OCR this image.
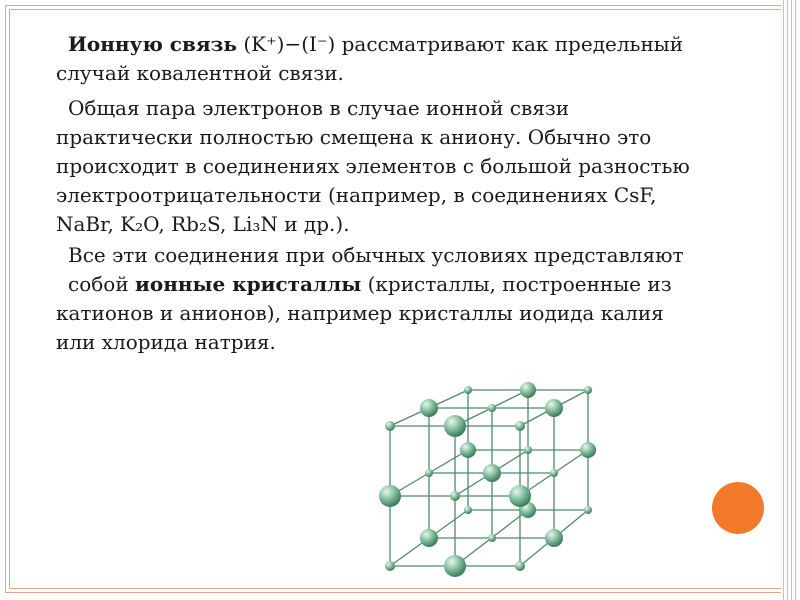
Ионную связь (K⁺)−(I⁻) рассматривают как предельный
случай ковалентной связи.

Общая пара электронов в случае ионной связи
практически полностью смещена к аниону. Обычно это
происходит в соединениях элементов с большой разностью
электроотрицательности (например, в соединениях CsF,
NaBr, K₂O, Rb₂S, Li₃N и др.).

Все эти соединения при обычных условиях представляют
собой ионные кристаллы (кристаллы, построенные из
катионов и анионов), например кристаллы иодида калия
или хлорида натрия.
